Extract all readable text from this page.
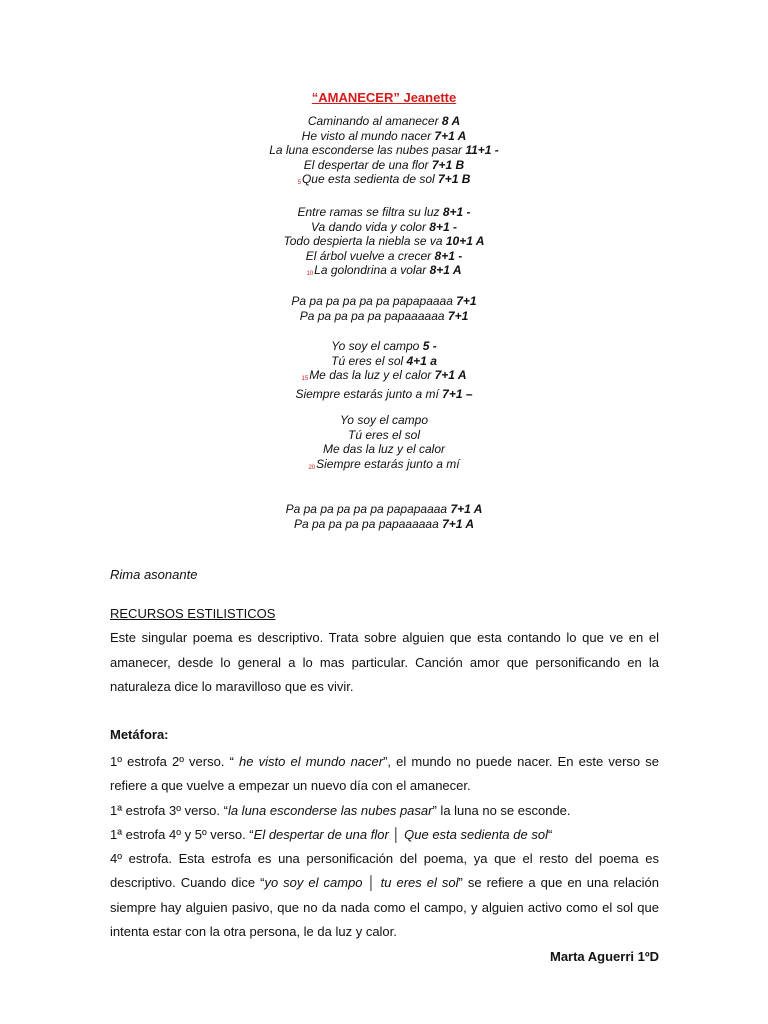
“AMANECER” Jeanette
Caminando al amanecer 8 A
He visto al mundo nacer 7+1 A
La luna esconderse las nubes pasar 11+1 -
El despertar de una flor 7+1 B
5Que esta sedienta de sol 7+1 B
Entre ramas se filtra su luz 8+1 -
Va dando vida y color 8+1 -
Todo despierta la niebla se va 10+1 A
El árbol vuelve a crecer 8+1 -
10La golondrina a volar 8+1 A
Pa pa pa pa pa pa papapaaaa 7+1
Pa pa pa pa pa papaaaaaa 7+1
Yo soy el campo 5 -
Tú eres el sol 4+1 a
15Me das la luz y el calor 7+1 A
Siempre estarás junto a mí 7+1 –
Yo soy el campo
Tú eres el sol
Me das la luz y el calor
20Siempre estarás junto a mí
Pa pa pa pa pa pa papapaaaa 7+1 A
Pa pa pa pa pa papaaaaaa 7+1 A
Rima asonante
RECURSOS ESTILISTICOS

Este singular poema es descriptivo. Trata sobre alguien que esta contando lo que ve en el amanecer, desde lo general a lo mas particular. Canción amor que personificando en la naturaleza dice lo maravilloso que es vivir.

Metáfora:

1º estrofa 2º verso. “ he visto el mundo nacer”, el mundo no puede nacer. En este verso se refiere a que vuelve a empezar un nuevo día con el amanecer.

1ª estrofa 3º verso. “la luna esconderse las nubes pasar” la luna no se esconde.

1ª estrofa 4º y 5º verso. “El despertar de una flor │ Que esta sedienta de sol“

4º estrofa. Esta estrofa es una personificación del poema, ya que el resto del poema es descriptivo. Cuando dice “yo soy el campo │ tu eres el sol” se refiere a que en una relación siempre hay alguien pasivo, que no da nada como el campo, y alguien activo como el sol que intenta estar con la otra persona, le da luz y calor.

Marta Aguerri 1ºD
